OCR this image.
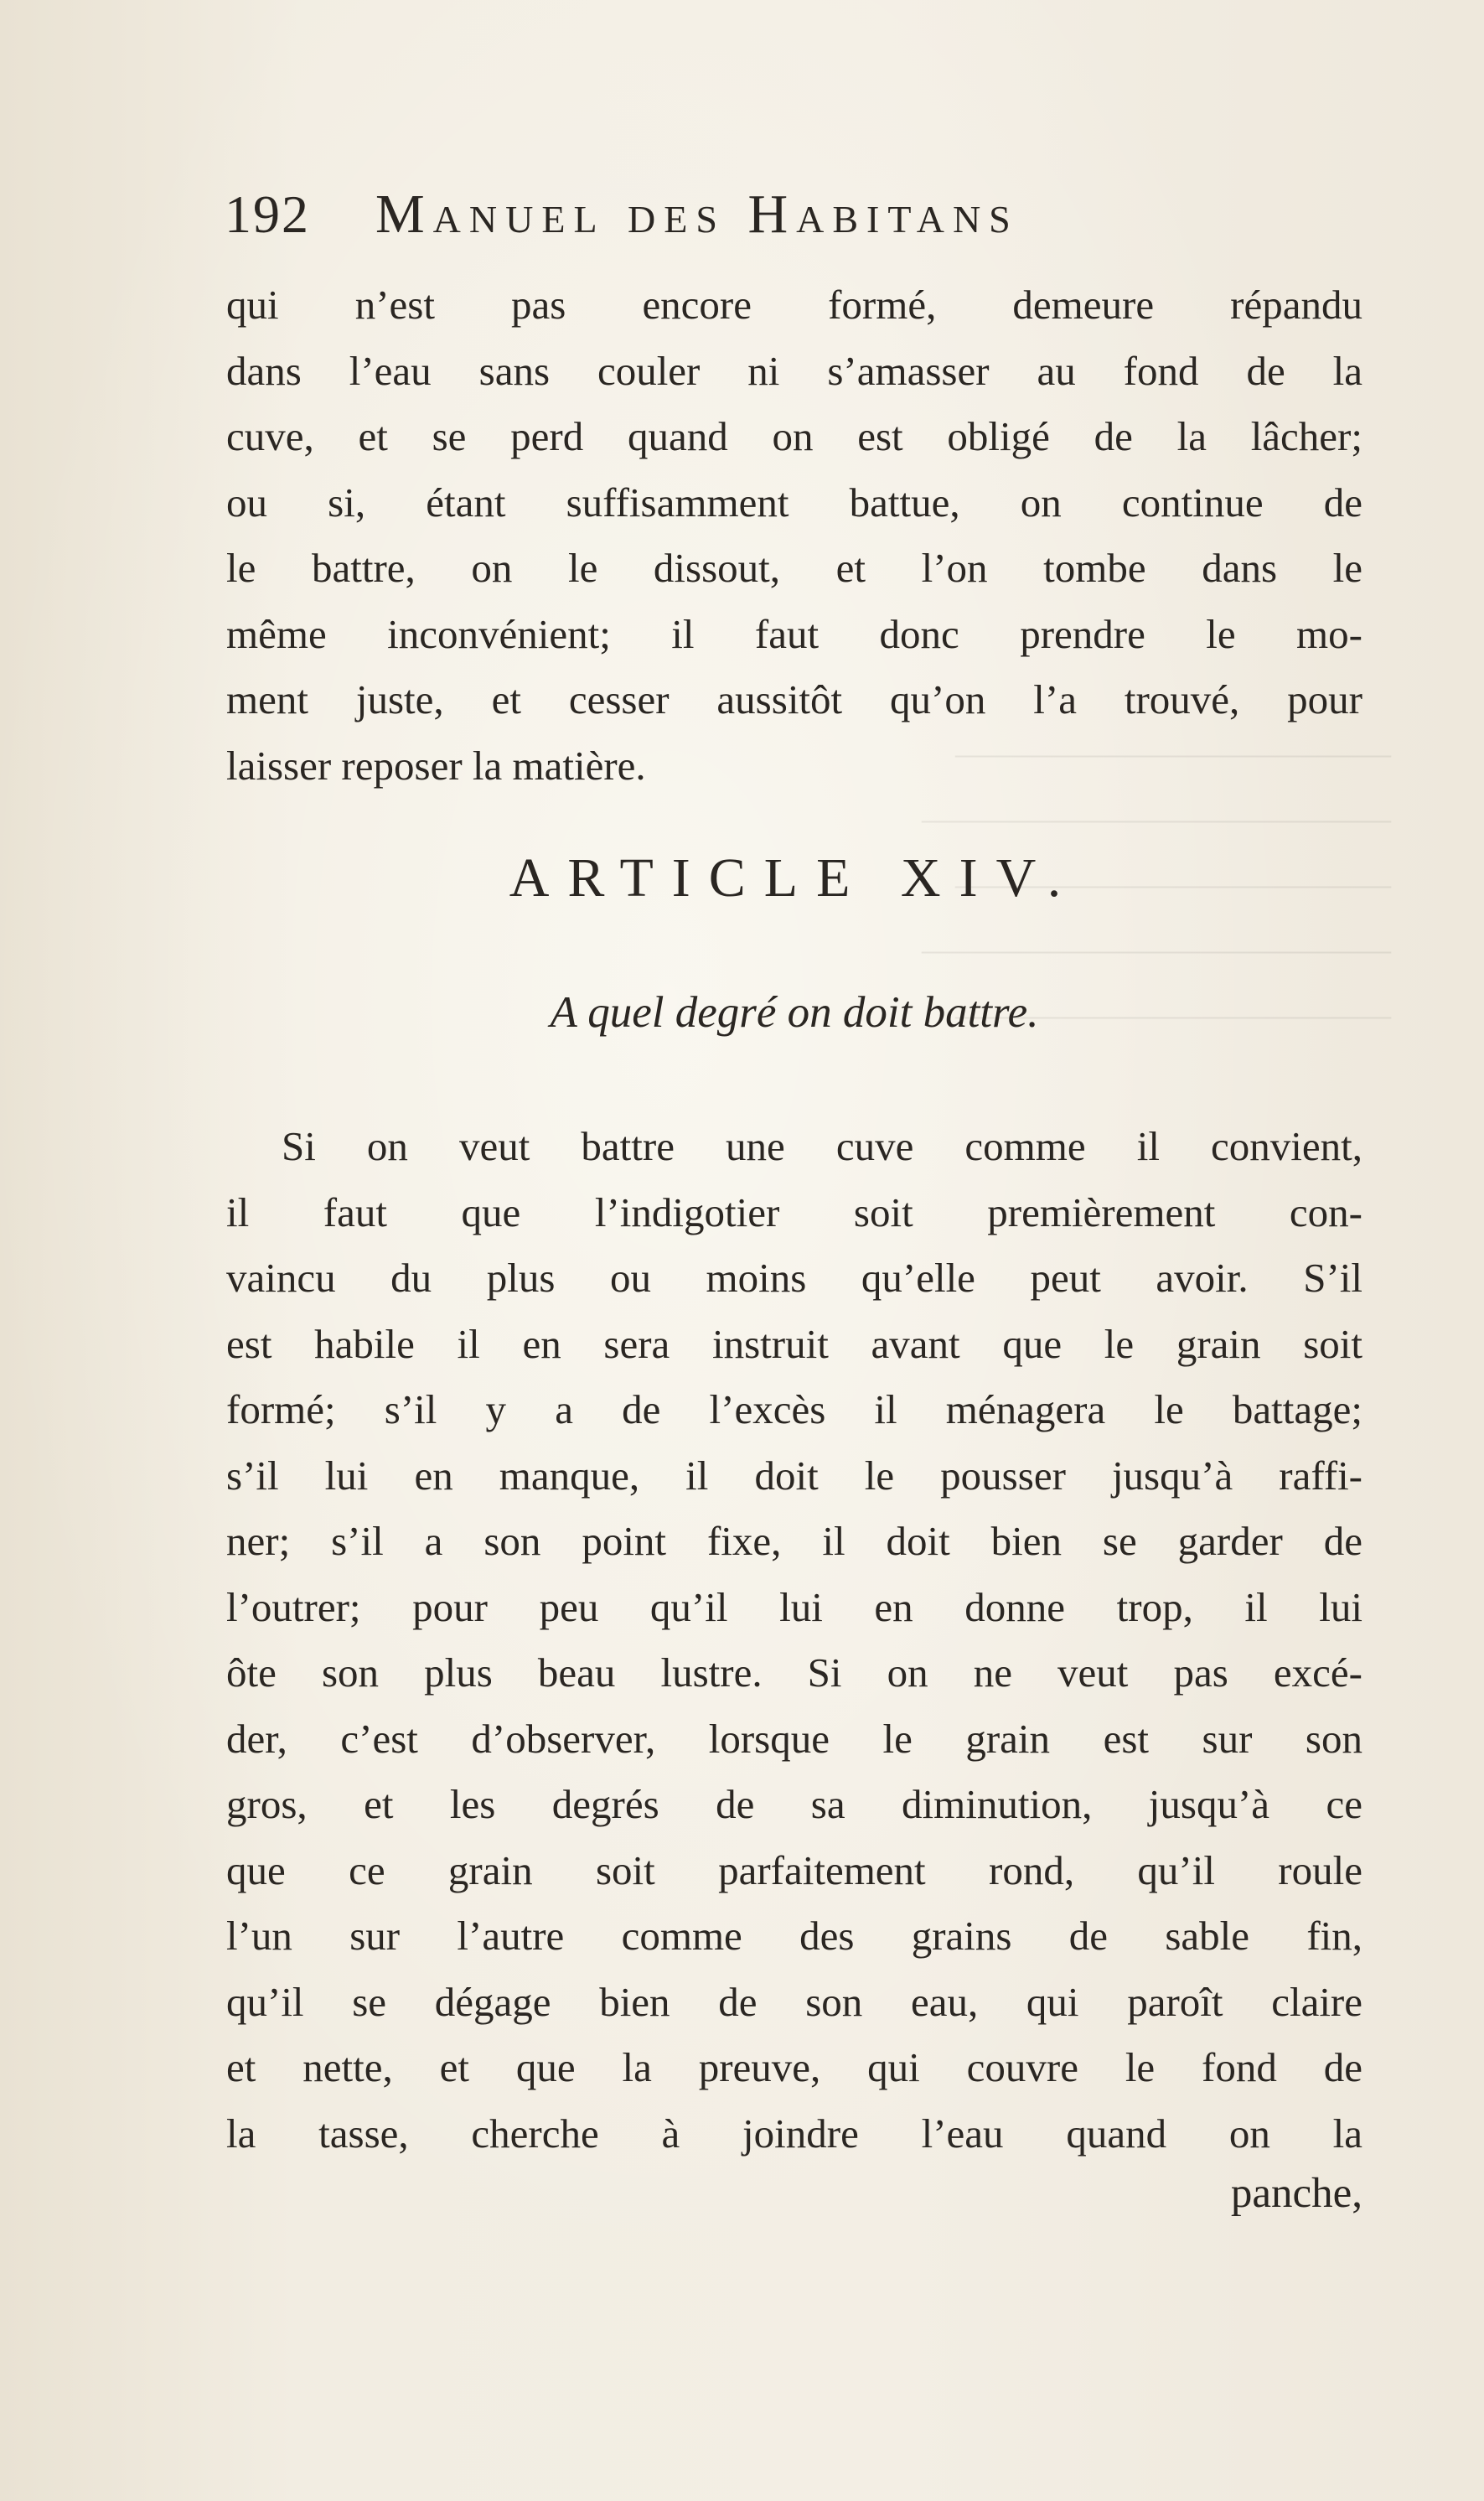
―――――――――――――
――――――――――――――
―――――――――――――
――――――――――――――
―――――――――――――
192	Manuel des Habitans
qui n’est pas encore formé, demeure répandu
dans l’eau sans couler ni s’amasser au fond de la
cuve, et se perd quand on est obligé de la lâcher;
ou si, étant suffisamment battue, on continue de
le battre, on le dissout, et l’on tombe dans le
même inconvénient; il faut donc prendre le mo-
ment juste, et cesser aussitôt qu’on l’a trouvé, pour
laisser reposer la matière.
ARTICLE XIV.
A quel degré on doit battre.
Si on veut battre une cuve comme il convient,
il faut que l’indigotier soit premièrement con-
vaincu du plus ou moins qu’elle peut avoir. S’il
est habile il en sera instruit avant que le grain soit
formé; s’il y a de l’excès il ménagera le battage;
s’il lui en manque, il doit le pousser jusqu’à raffi-
ner; s’il a son point fixe, il doit bien se garder de
l’outrer; pour peu qu’il lui en donne trop, il lui
ôte son plus beau lustre. Si on ne veut pas excé-
der, c’est d’observer, lorsque le grain est sur son
gros, et les degrés de sa diminution, jusqu’à ce
que ce grain soit parfaitement rond, qu’il roule
l’un sur l’autre comme des grains de sable fin,
qu’il se dégage bien de son eau, qui paroît claire
et nette, et que la preuve, qui couvre le fond de
la tasse, cherche à joindre l’eau quand on la
panche,
